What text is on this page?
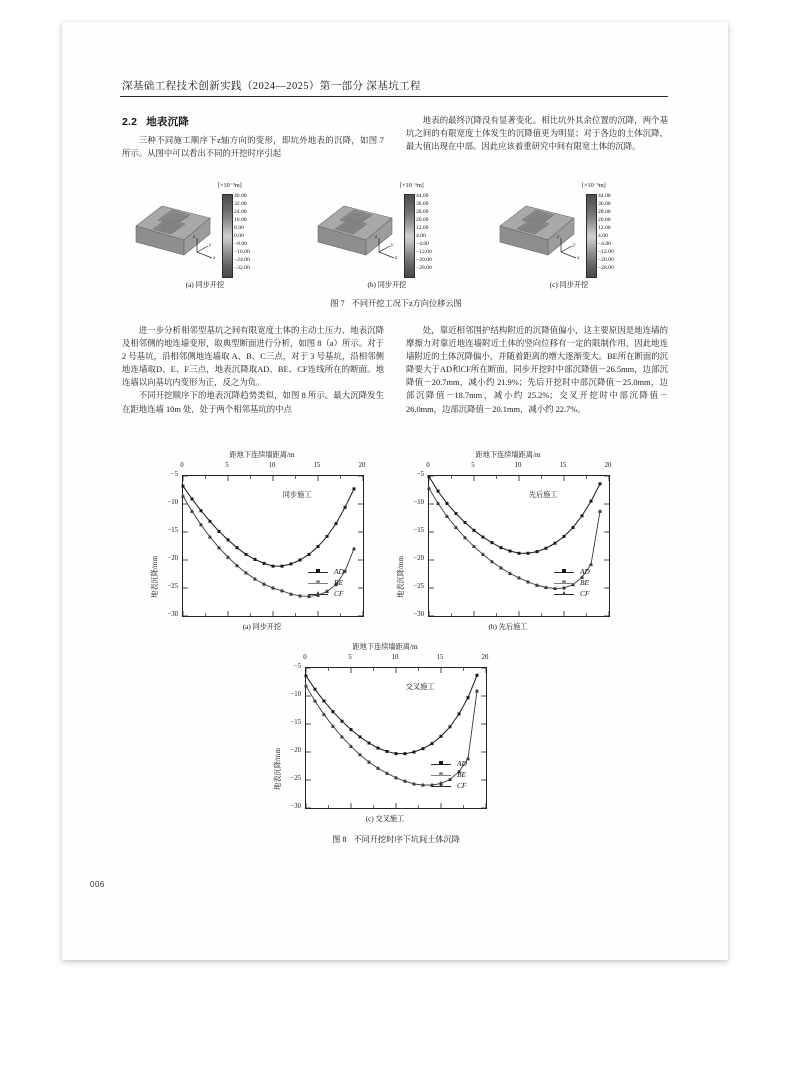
深基础工程技术创新实践（2024—2025）第一部分 深基坑工程
2.2 地表沉降

三种不同施工顺序下z轴方向的变形，即坑外地表的沉降，如图 7 所示。从图中可以看出不同的开挖时序引起

地表的最终沉降没有显著变化。相比坑外其余位置的沉降，两个基坑之间的有限宽度土体发生的沉降值更为明显；对于各边的土体沉降，最大值出现在中部。因此应该着重研究中间有限宽土体的沉降。

[×10⁻³m]
40.00
32.00
24.00
16.00
8.00
0.00
−8.00
−16.00
−24.00
−32.00
z
y
x
(a) 同步开挖
[×10⁻³m]
44.00
36.00
28.00
20.00
12.00
4.00
−4.00
−12.00
−20.00
−28.00
z
y
x
(b) 同步开挖
[×10⁻³m]
44.00
36.00
28.00
20.00
12.00
4.00
−4.00
−12.00
−20.00
−28.00
z
y
x
(c) 同步开挖
图 7 不同开挖工况下z方向位移云图

进一步分析相邻型基坑之间有限宽度土体的主动土压力、地表沉降及相邻侧的地连墙变形，取典型断面进行分析，如图 8（a）所示。对于 2 号基坑，沿相邻侧地连墙取 A、B、C三点，对于 3 号基坑，沿相邻侧地连墙取D、E、F三点，地表沉降取AD、BE、CF连线所在的断面。地连墙以向基坑内变形为正，反之为负。

不同开挖顺序下的地表沉降趋势类似，如图 8 所示。最大沉降发生在距地连墙 10m 处，处于两个相邻基坑的中点

处，靠近相邻围护结构附近的沉降值偏小，这主要原因是地连墙的摩擦力对靠近地连墙附近土体的竖向位移有一定的限制作用，因此地连墙附近的土体沉降偏小，并随着距离的增大逐渐变大。BE所在断面的沉降要大于AD和CF所在断面，同步开挖时中部沉降值－26.5mm，边部沉降值－20.7mm，减小约 21.9%；先后开挖时中部沉降值－25.0mm，边部沉降值－18.7mm，减小约 25.2%；交叉开挖时中部沉降值－26.0mm，边部沉降值－20.1mm，减小约 22.7%。

距地下连续墙距离/m
地表沉降/mm
(a) 同步开挖
0	5	10	15	20
−5
−10
−15
−20
−25
−30
同步施工
AD
BE
CF
距地下连续墙距离/m
地表沉降/mm
(b) 先后施工
0	5	10	15	20
−5
−10
−15
−20
−25
−30
先后施工
AD
BE
CF
距地下连续墙距离/m
地表沉降/mm
(c) 交叉施工
0	5	10	15	20
−5
−10
−15
−20
−25
−30
交叉施工
AD
BE
CF
图 8 不同开挖时序下坑间土体沉降
006
